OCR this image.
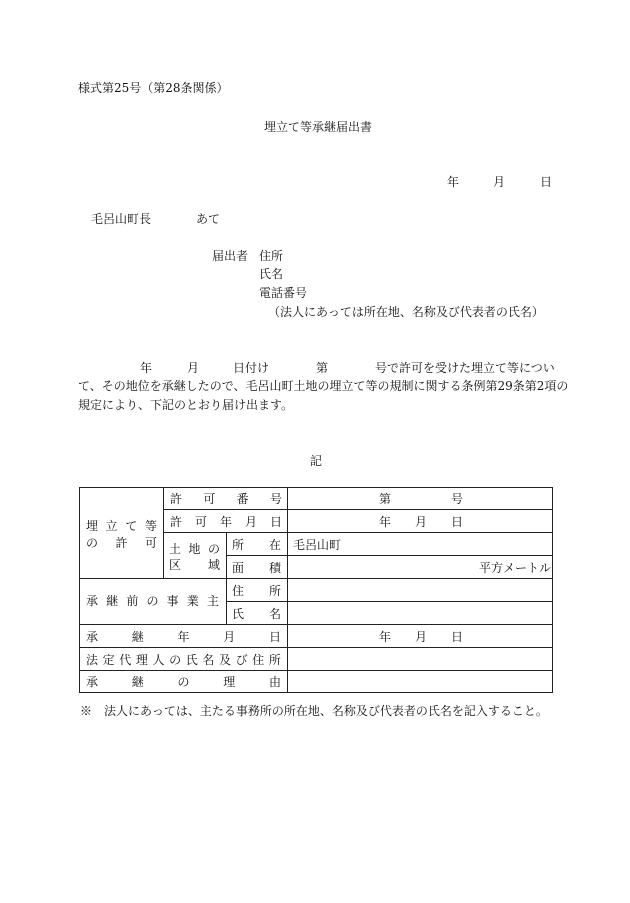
様式第25号（第28条関係）
埋立て等承継届出書
年	月	日
毛呂山町長	あて
届出者 住所
氏名
電話番号
（法人にあっては所在地、名称及び代表者の氏名）
年	月	日付け	第	号で許可を受けた埋立て等につい
て、その地位を承継したので、毛呂山町土地の埋立て等の規制に関する条例第29条第2項の
規定により、下記のとおり届け出ます。
記
埋 立 て 等
の 許 可
許 可 番 号	第	号
許 可 年 月 日	年 月 日
土 地 の
区 域
所 在 毛呂山町
面 積	平方メートル
承 継 前 の 事 業 主
住 所
氏 名
承	継	年	月	日	年 月 日
法 定 代 理 人 の 氏 名 及 び 住 所
承	継	の	理	由
※　法人にあっては、主たる事務所の所在地、名称及び代表者の氏名を記入すること。
